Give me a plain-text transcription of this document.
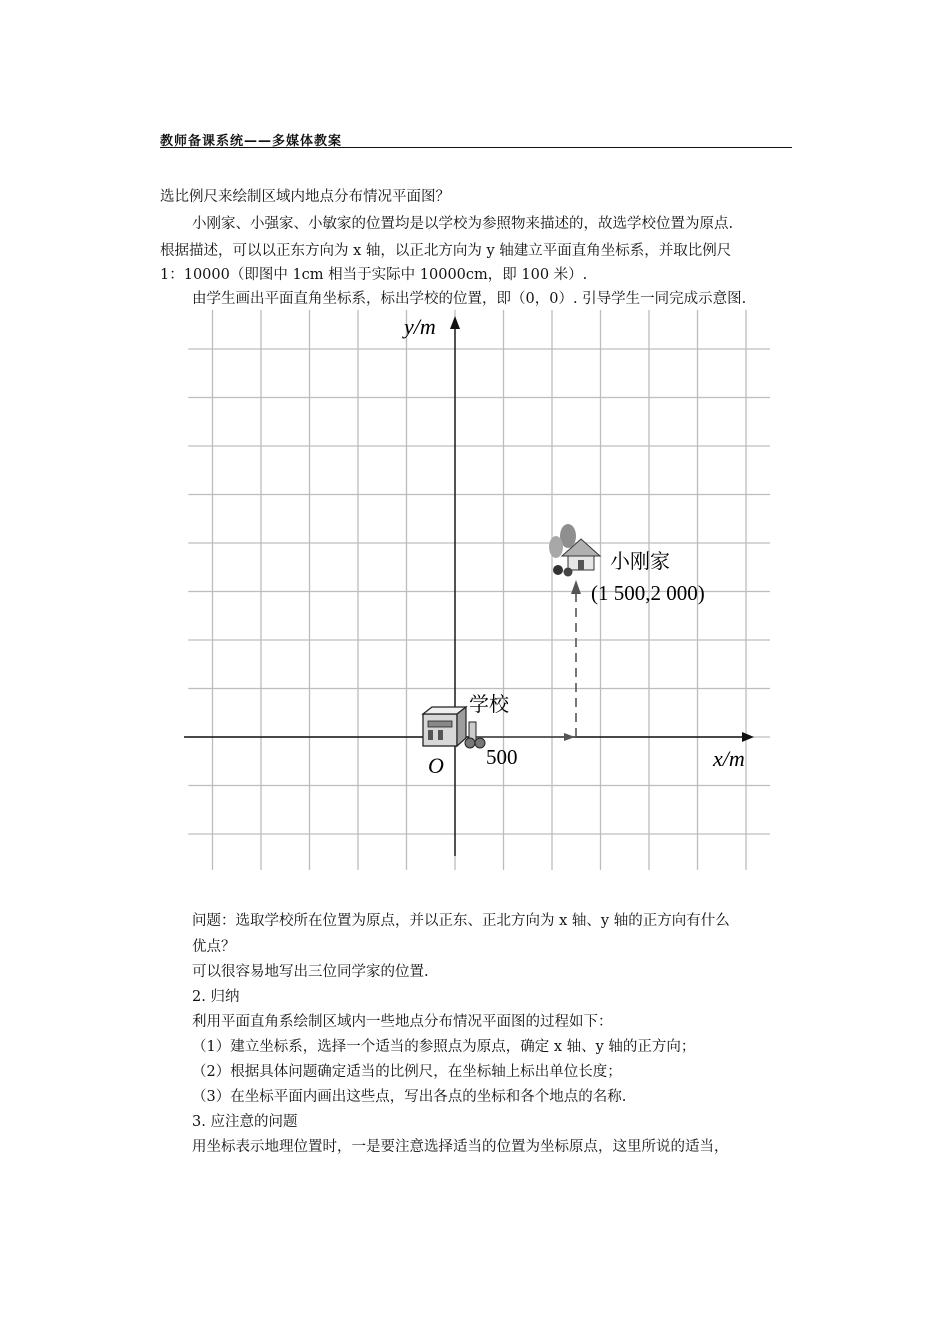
教师备课系统——多媒体教案
选比例尺来绘制区域内地点分布情况平面图？
小刚家、小强家、小敏家的位置均是以学校为参照物来描述的，故选学校位置为原点.
根据描述，可以以正东方向为 x 轴，以正北方向为 y 轴建立平面直角坐标系，并取比例尺
1：10000（即图中 1cm 相当于实际中 10000cm，即 100 米）.
由学生画出平面直角坐标系，标出学校的位置，即（0，0）. 引导学生一同完成示意图.
y/m
x/m
O 500
学校
小刚家
(1 500,2 000)
问题：选取学校所在位置为原点，并以正东、正北方向为 x 轴、y 轴的正方向有什么
优点？
可以很容易地写出三位同学家的位置.
2. 归纳
利用平面直角系绘制区域内一些地点分布情况平面图的过程如下：
（1）建立坐标系，选择一个适当的参照点为原点，确定 x 轴、y 轴的正方向；
（2）根据具体问题确定适当的比例尺，在坐标轴上标出单位长度；
（3）在坐标平面内画出这些点，写出各点的坐标和各个地点的名称.
3. 应注意的问题
用坐标表示地理位置时，一是要注意选择适当的位置为坐标原点，这里所说的适当，
